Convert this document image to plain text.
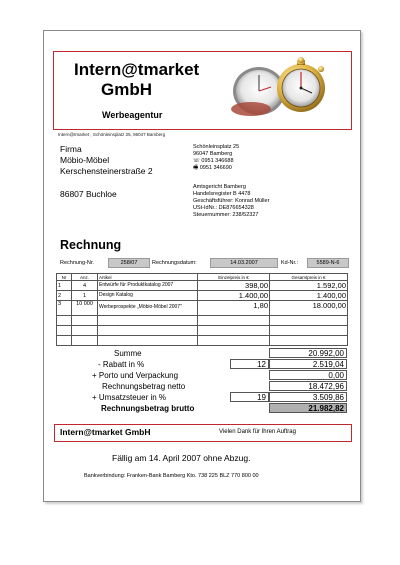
Intern@tmarket
GmbH
Werbeagentur
Intern@tmarket , Schönleinsplatz 25, 96047 Bamberg
Firma
Möbio-Möbel
Kerschensteinerstraße 2
86807 Buchloe
Schönleinsplatz 25
96047 Bamberg
☏ 0951 346688
🖷 0951 346690
Amtsgericht Bamberg
Handelsregister B 4478
Geschäftsführer: Konrad Müller
USt-IdNr.: DE876654328
Steuernummer: 238/52327
Rechnung
Rechnung-Nr.	258/07	Rechnungsdatum:	14.03.2007	Kd-Nr.:	5589-N-6
Nr	Anz.	Artikel	Einzelpreis in €	Gesamtpreis in €
1	4	Entwürfe für Produktkatalog 2007	398,00	1.592,00
2	1	Design Katalog	1.400,00	1.400,00
3	10 000	Werbeprospekte „Möbio-Möbel 2007"	1,80	18.000,00

Summe	20.992,00
- Rabatt in %	12	2.519,04
+ Porto und Verpackung	0,00
Rechnungsbetrag netto	18.472,96
+ Umsatzsteuer in %	19	3.509,86
Rechnungsbetrag brutto	21.982,82
Intern@tmarket GmbH	Vielen Dank für Ihren Auftrag
Fällig am 14. April 2007 ohne Abzug.
Bankverbindung: Franken-Bank Bamberg Kto. 738 225 BLZ 770 800 00
